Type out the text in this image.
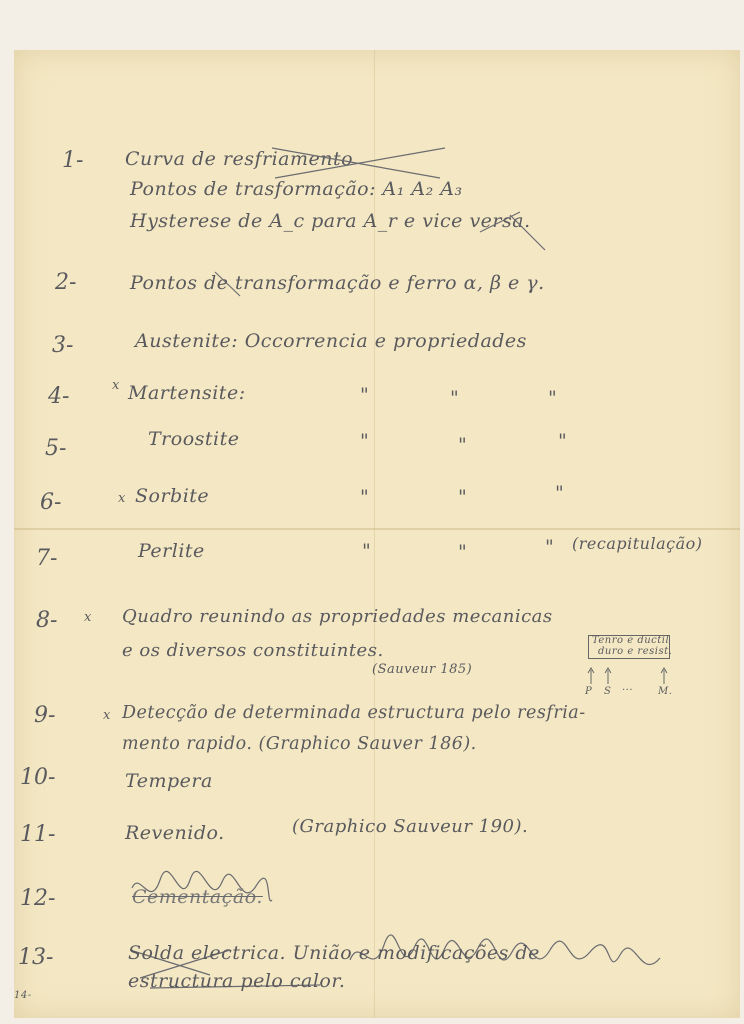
1- Curva de resfriamento
Pontos de trasformação: A₁ A₂ A₃
Hysterese de A_c para A_r e vice versa.
2-	Pontos de transformação e ferro α, β e γ.
3-	Austenite: Occorrencia e propriedades
4-	x Martensite:	"	"	"
5-	Troostite	"	"	"
6-	x Sorbite	"	"	"
7-	Perlite	"	"	" (recapitulação)
8- x Quadro reunindo as propriedades mecanicas
e os diversos constituintes.
(Sauveur 185)
Tenro e ductil
duro e resist.
P S ... M.
9-	x Detecção de determinada estructura pelo resfria-
mento rapido. (Graphico Sauver 186).
10-	Tempera
11-	Revenido.	(Graphico Sauveur 190).
12-	Cementação.
13-	Solda electrica. União e modificações de
estructura pelo calor.
14-
